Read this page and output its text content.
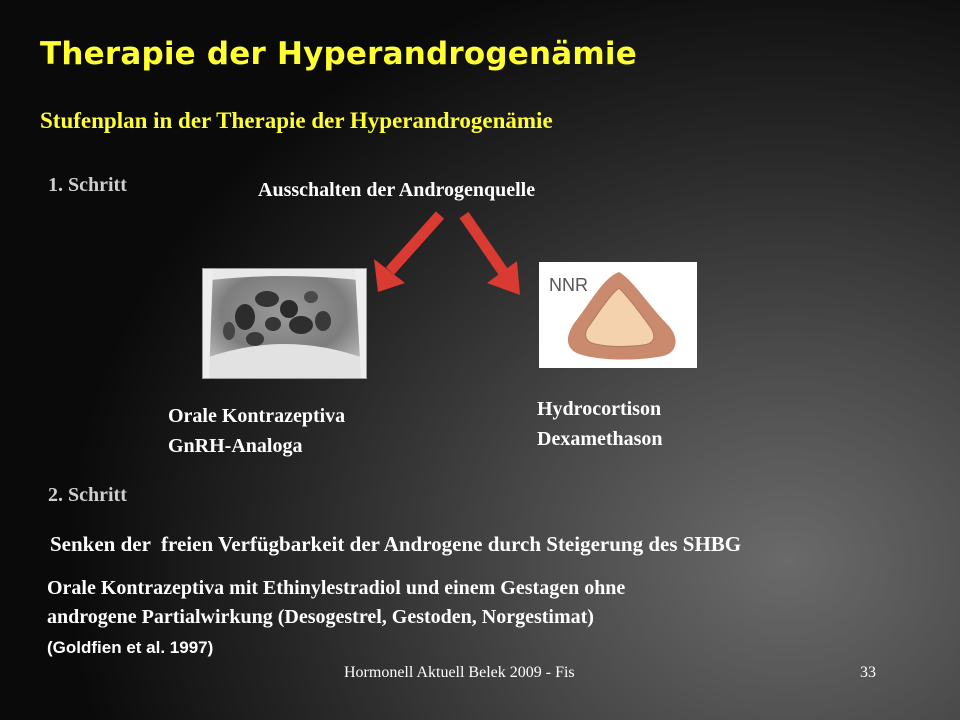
Therapie der Hyperandrogenämie
Stufenplan in der Therapie der Hyperandrogenämie
1. Schritt	Ausschalten der Androgenquelle
NNR
Orale Kontrazeptiva
GnRH-Analoga
Hydrocortison
Dexamethason
2. Schritt
Senken der  freien Verfügbarkeit der Androgene durch Steigerung des SHBG
Orale Kontrazeptiva mit Ethinylestradiol und einem Gestagen ohne
androgene Partialwirkung (Desogestrel, Gestoden, Norgestimat)
(Goldfien et al. 1997)
Hormonell Aktuell Belek 2009 - Fis	33
